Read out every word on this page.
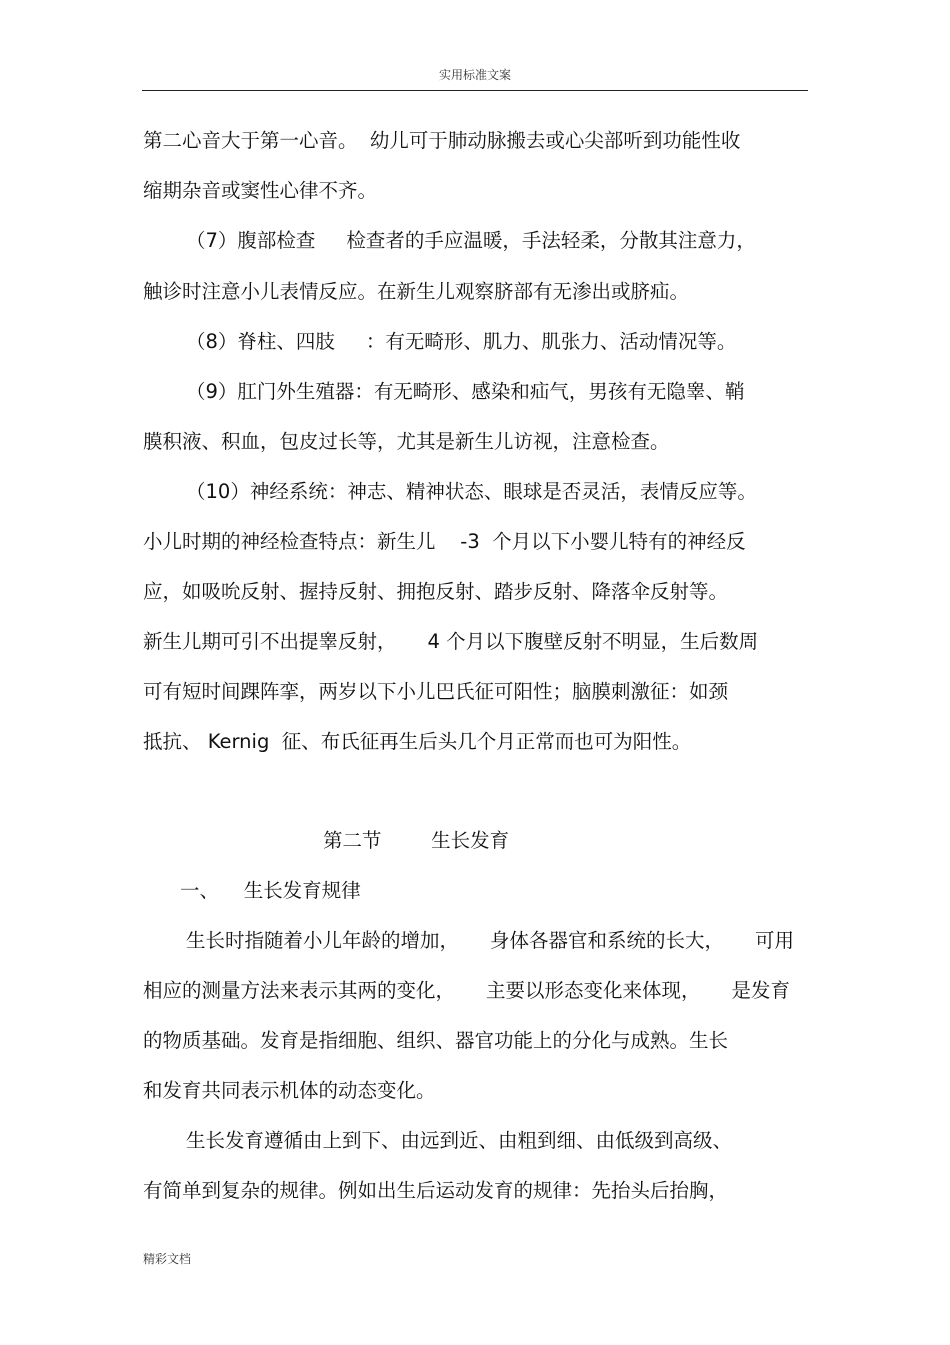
实用标准文案
第二心音大于第一心音。  幼儿可于肺动脉搬去或心尖部听到功能性收
缩期杂音或窦性心律不齐。
（7）腹部检查     检查者的手应温暖，手法轻柔，分散其注意力，
触诊时注意小儿表情反应。在新生儿观察脐部有无渗出或脐疝。
（8）脊柱、四肢     ：有无畸形、肌力、肌张力、活动情况等。
（9）肛门外生殖器：有无畸形、感染和疝气，男孩有无隐睾、鞘
膜积液、积血，包皮过长等，尤其是新生儿访视，注意检查。
（10）神经系统：神志、精神状态、眼球是否灵活，表情反应等。
小儿时期的神经检查特点：新生儿    -3  个月以下小婴儿特有的神经反
应，如吸吮反射、握持反射、拥抱反射、踏步反射、降落伞反射等。
新生儿期可引不出提睾反射，     4 个月以下腹壁反射不明显，生后数周
可有短时间踝阵挛，两岁以下小儿巴氏征可阳性；脑膜刺激征：如颈
抵抗、 Kernig  征、布氏征再生后头几个月正常而也可为阳性。
第二节        生长发育
一、    生长发育规律
生长时指随着小儿年龄的增加，     身体各器官和系统的长大，     可用
相应的测量方法来表示其两的变化，     主要以形态变化来体现，     是发育
的物质基础。发育是指细胞、组织、器官功能上的分化与成熟。生长
和发育共同表示机体的动态变化。
生长发育遵循由上到下、由远到近、由粗到细、由低级到高级、
有简单到复杂的规律。例如出生后运动发育的规律：先抬头后抬胸，
精彩文档
